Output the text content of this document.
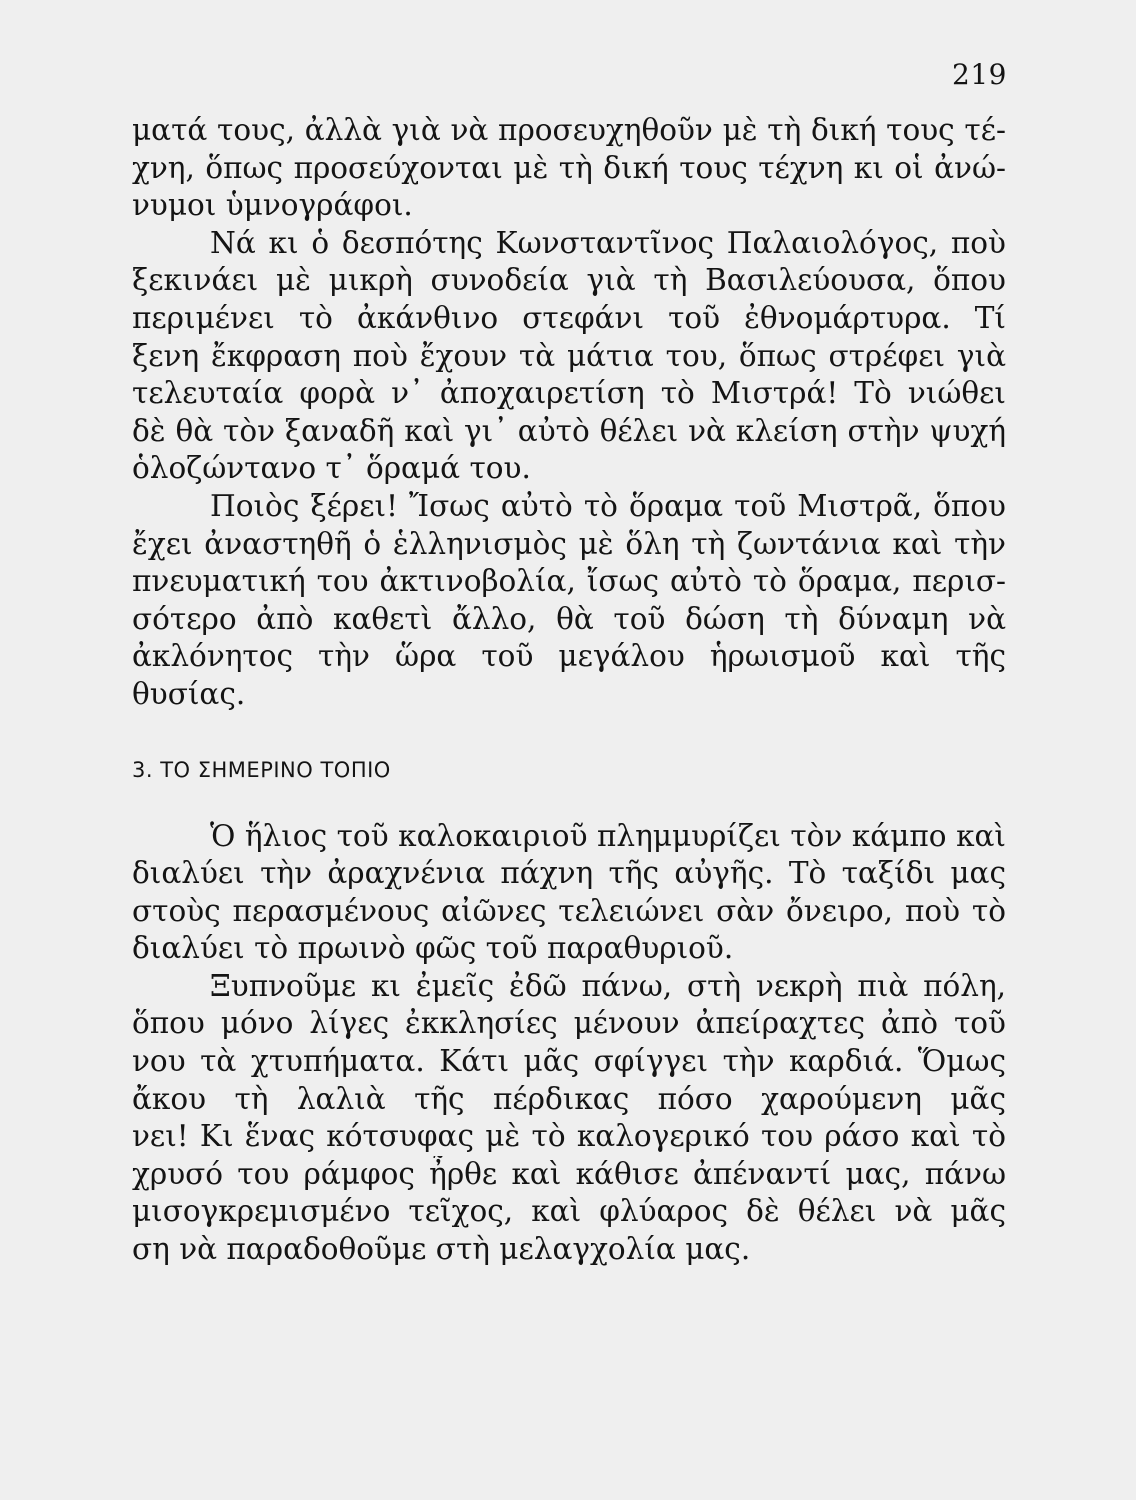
219
ματά τους, ἀλλὰ γιὰ νὰ προσευχηθοῦν μὲ τὴ δική τους τέ-
χνη, ὅπως προσεύχονται μὲ τὴ δική τους τέχνη κι οἱ ἀνώ-
νυμοι ὑμνογράφοι.
Νά κι ὁ δεσπότης Κωνσταντῖνος Παλαιολόγος, ποὺ
ξεκινάει μὲ μικρὴ συνοδεία γιὰ τὴ Βασιλεύουσα, ὅπου
περιμένει τὸ ἀκάνθινο στεφάνι τοῦ ἐθνομάρτυρα. Τί
ξενη ἔκφραση ποὺ ἔχουν τὰ μάτια του, ὅπως στρέφει γιὰ
τελευταία φορὰ ν᾽ ἀποχαιρετίση τὸ Μιστρά! Τὸ νιώθει
δὲ θὰ τὸν ξαναδῆ καὶ γι᾽ αὐτὸ θέλει νὰ κλείση στὴν ψυχή
ὁλοζώντανο τ᾽ ὅραμά του.
Ποιὸς ξέρει! Ἴσως αὐτὸ τὸ ὅραμα τοῦ Μιστρᾶ, ὅπου
ἔχει ἀναστηθῆ ὁ ἑλληνισμὸς μὲ ὅλη τὴ ζωντάνια καὶ τὴν
πνευματική του ἀκτινοβολία, ἴσως αὐτὸ τὸ ὅραμα, περισ-
σότερο ἀπὸ καθετὶ ἄλλο, θὰ τοῦ δώση τὴ δύναμη νὰ
ἀκλόνητος τὴν ὥρα τοῦ μεγάλου ἡρωισμοῦ καὶ τῆς
θυσίας.
3. ΤΟ ΣΗΜΕΡΙΝΟ ΤΟΠΙΟ
Ὁ ἥλιος τοῦ καλοκαιριοῦ πλημμυρίζει τὸν κάμπο καὶ
διαλύει τὴν ἀραχνένια πάχνη τῆς αὐγῆς. Τὸ ταξίδι μας
στοὺς περασμένους αἰῶνες τελειώνει σὰν ὄνειρο, ποὺ τὸ
διαλύει τὸ πρωινὸ φῶς τοῦ παραθυριοῦ.
Ξυπνοῦμε κι ἐμεῖς ἐδῶ πάνω, στὴ νεκρὴ πιὰ πόλη,
ὅπου μόνο λίγες ἐκκλησίες μένουν ἀπείραχτες ἀπὸ τοῦ
νου τὰ χτυπήματα. Κάτι μᾶς σφίγγει τὴν καρδιά. Ὅμως
ἄκου τὴ λαλιὰ τῆς πέρδικας πόσο χαρούμενη μᾶς
νει! Κι ἕνας κότσυφας μὲ τὸ καλογερικό του ράσο καὶ τὸ
χρυσό του ράμφος ἦρθε καὶ κάθισε ἀπέναντί μας, πάνω
μισογκρεμισμένο τεῖχος, καὶ φλύαρος δὲ θέλει νὰ μᾶς
ση νὰ παραδοθοῦμε στὴ μελαγχολία μας.
